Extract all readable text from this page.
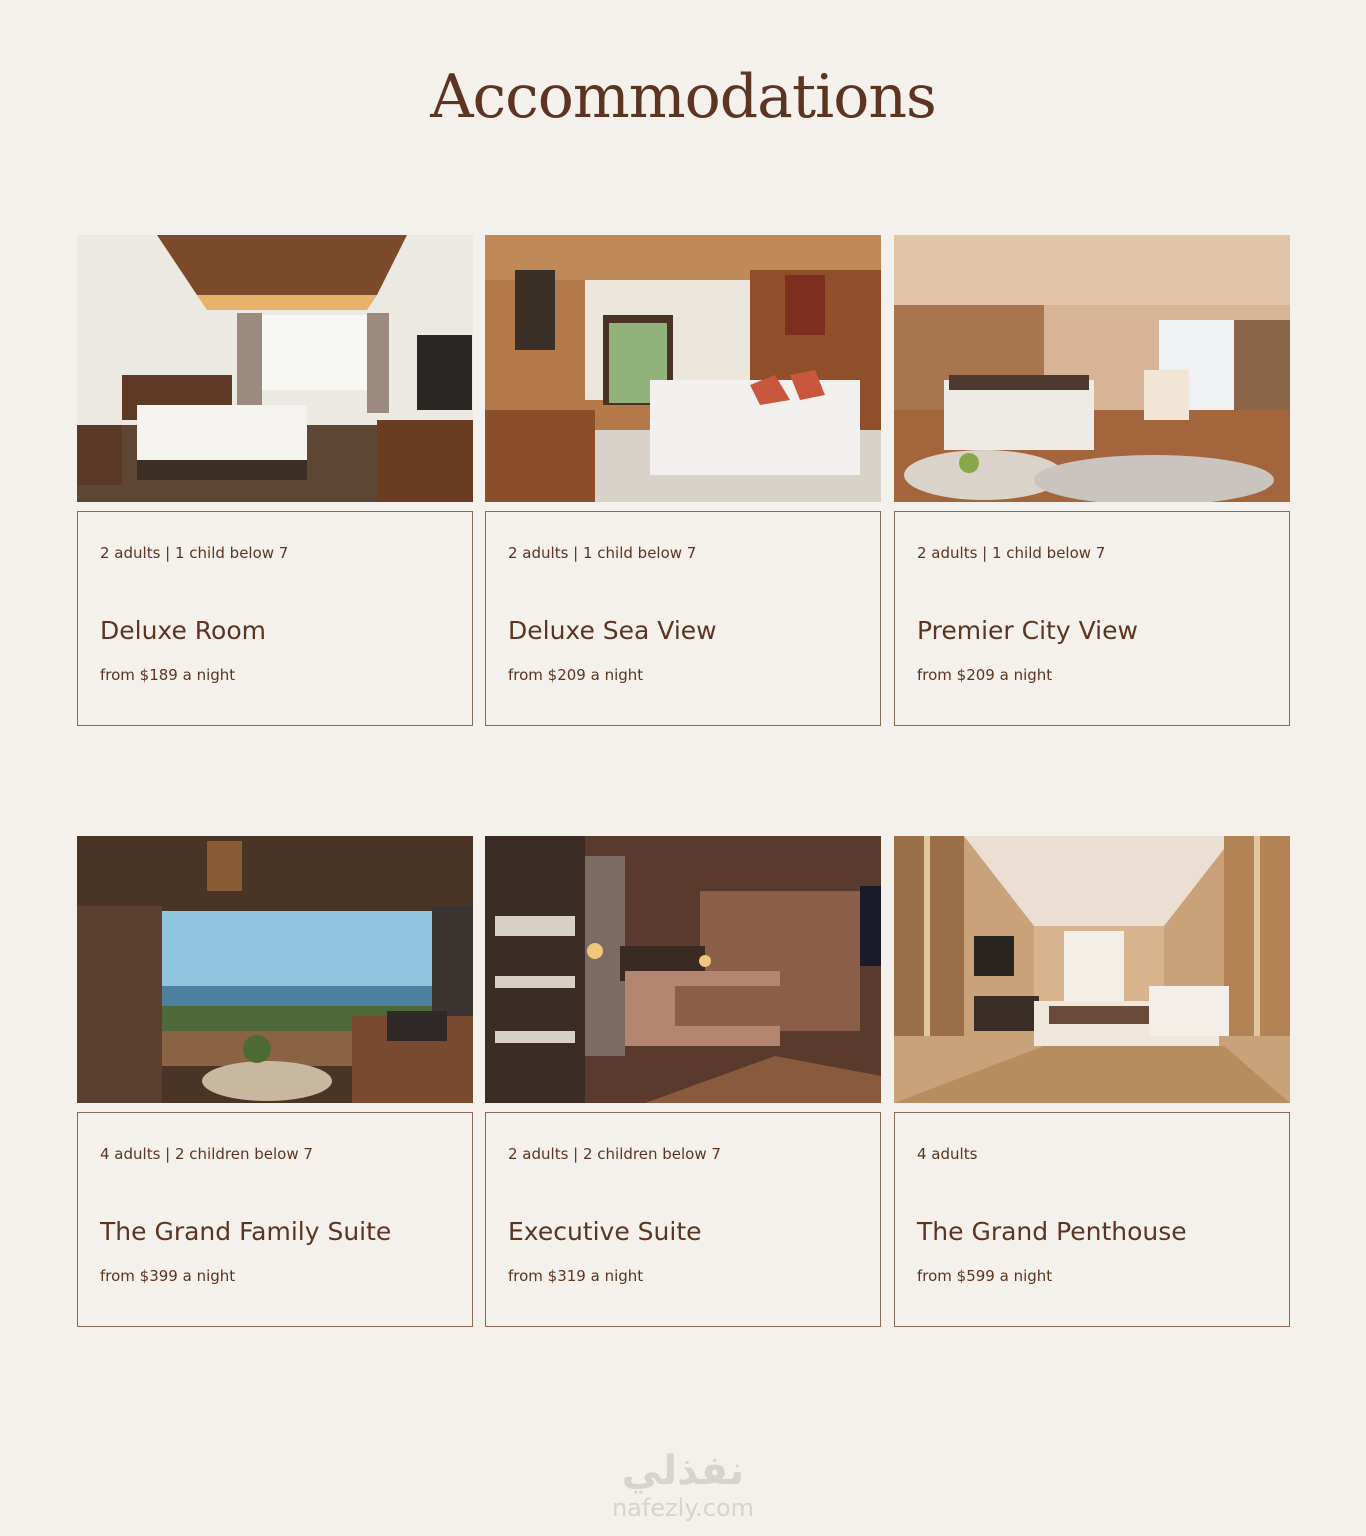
Accommodations
2 adults | 1 child below 7
Deluxe Room
from $189 a night
2 adults | 1 child below 7
Deluxe Sea View
from $209 a night
2 adults | 1 child below 7
Premier City View
from $209 a night
4 adults | 2 children below 7
The Grand Family Suite
from $399 a night
2 adults | 2 children below 7
Executive Suite
from $319 a night
4 adults
The Grand Penthouse
from $599 a night
نفذلي
nafezly.com
